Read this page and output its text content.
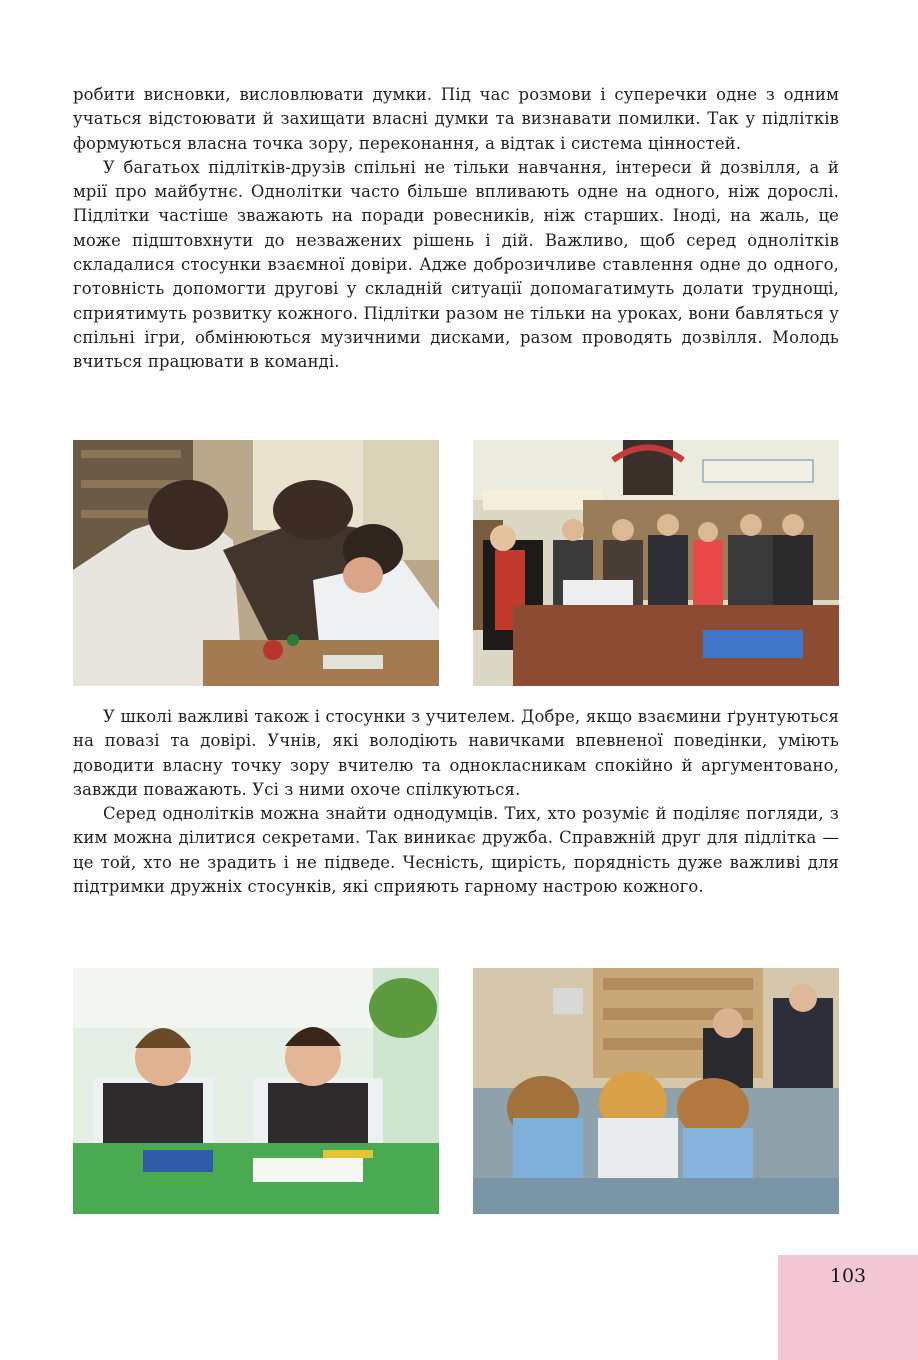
робити висновки, висловлювати думки. Під час розмови і суперечки одне з одним учаться відстоювати й захищати власні думки та визнавати помилки. Так у підлітків формуються власна точка зору, переконання, а відтак і система цінностей.

У багатьох підлітків-друзів спільні не тільки навчання, інтереси й дозвілля, а й мрії про майбутнє. Однолітки часто більше впливають одне на одного, ніж дорослі. Підлітки частіше зважають на поради ровесників, ніж старших. Іноді, на жаль, це може підштовхнути до незважених рішень і дій. Важливо, щоб серед однолітків складалися стосунки взаємної довіри. Адже доброзичливе ставлення одне до одного, готовність допомогти другові у складній ситуації допомагатимуть долати труднощі, сприятимуть розвитку кожного. Підлітки разом не тільки на уроках, вони бавляться у спільні ігри, обмінюються музичними дисками, разом проводять дозвілля. Молодь вчиться працювати в команді.

У школі важливі також і стосунки з учителем. Добре, якщо взаємини ґрунтуються на повазі та довірі. Учнів, які володіють навичками впевненої поведінки, уміють доводити власну точку зору вчителю та однокласникам спокійно й аргументовано, завжди поважають. Усі з ними охоче спілкуються.

Серед однолітків можна знайти однодумців. Тих, хто розуміє й поділяє погляди, з ким можна ділитися секретами. Так виникає дружба. Справжній друг для підлітка — це той, хто не зрадить і не підведе. Чесність, щирість, порядність дуже важливі для підтримки дружніх стосунків, які сприяють гарному настрою кожного.

103
